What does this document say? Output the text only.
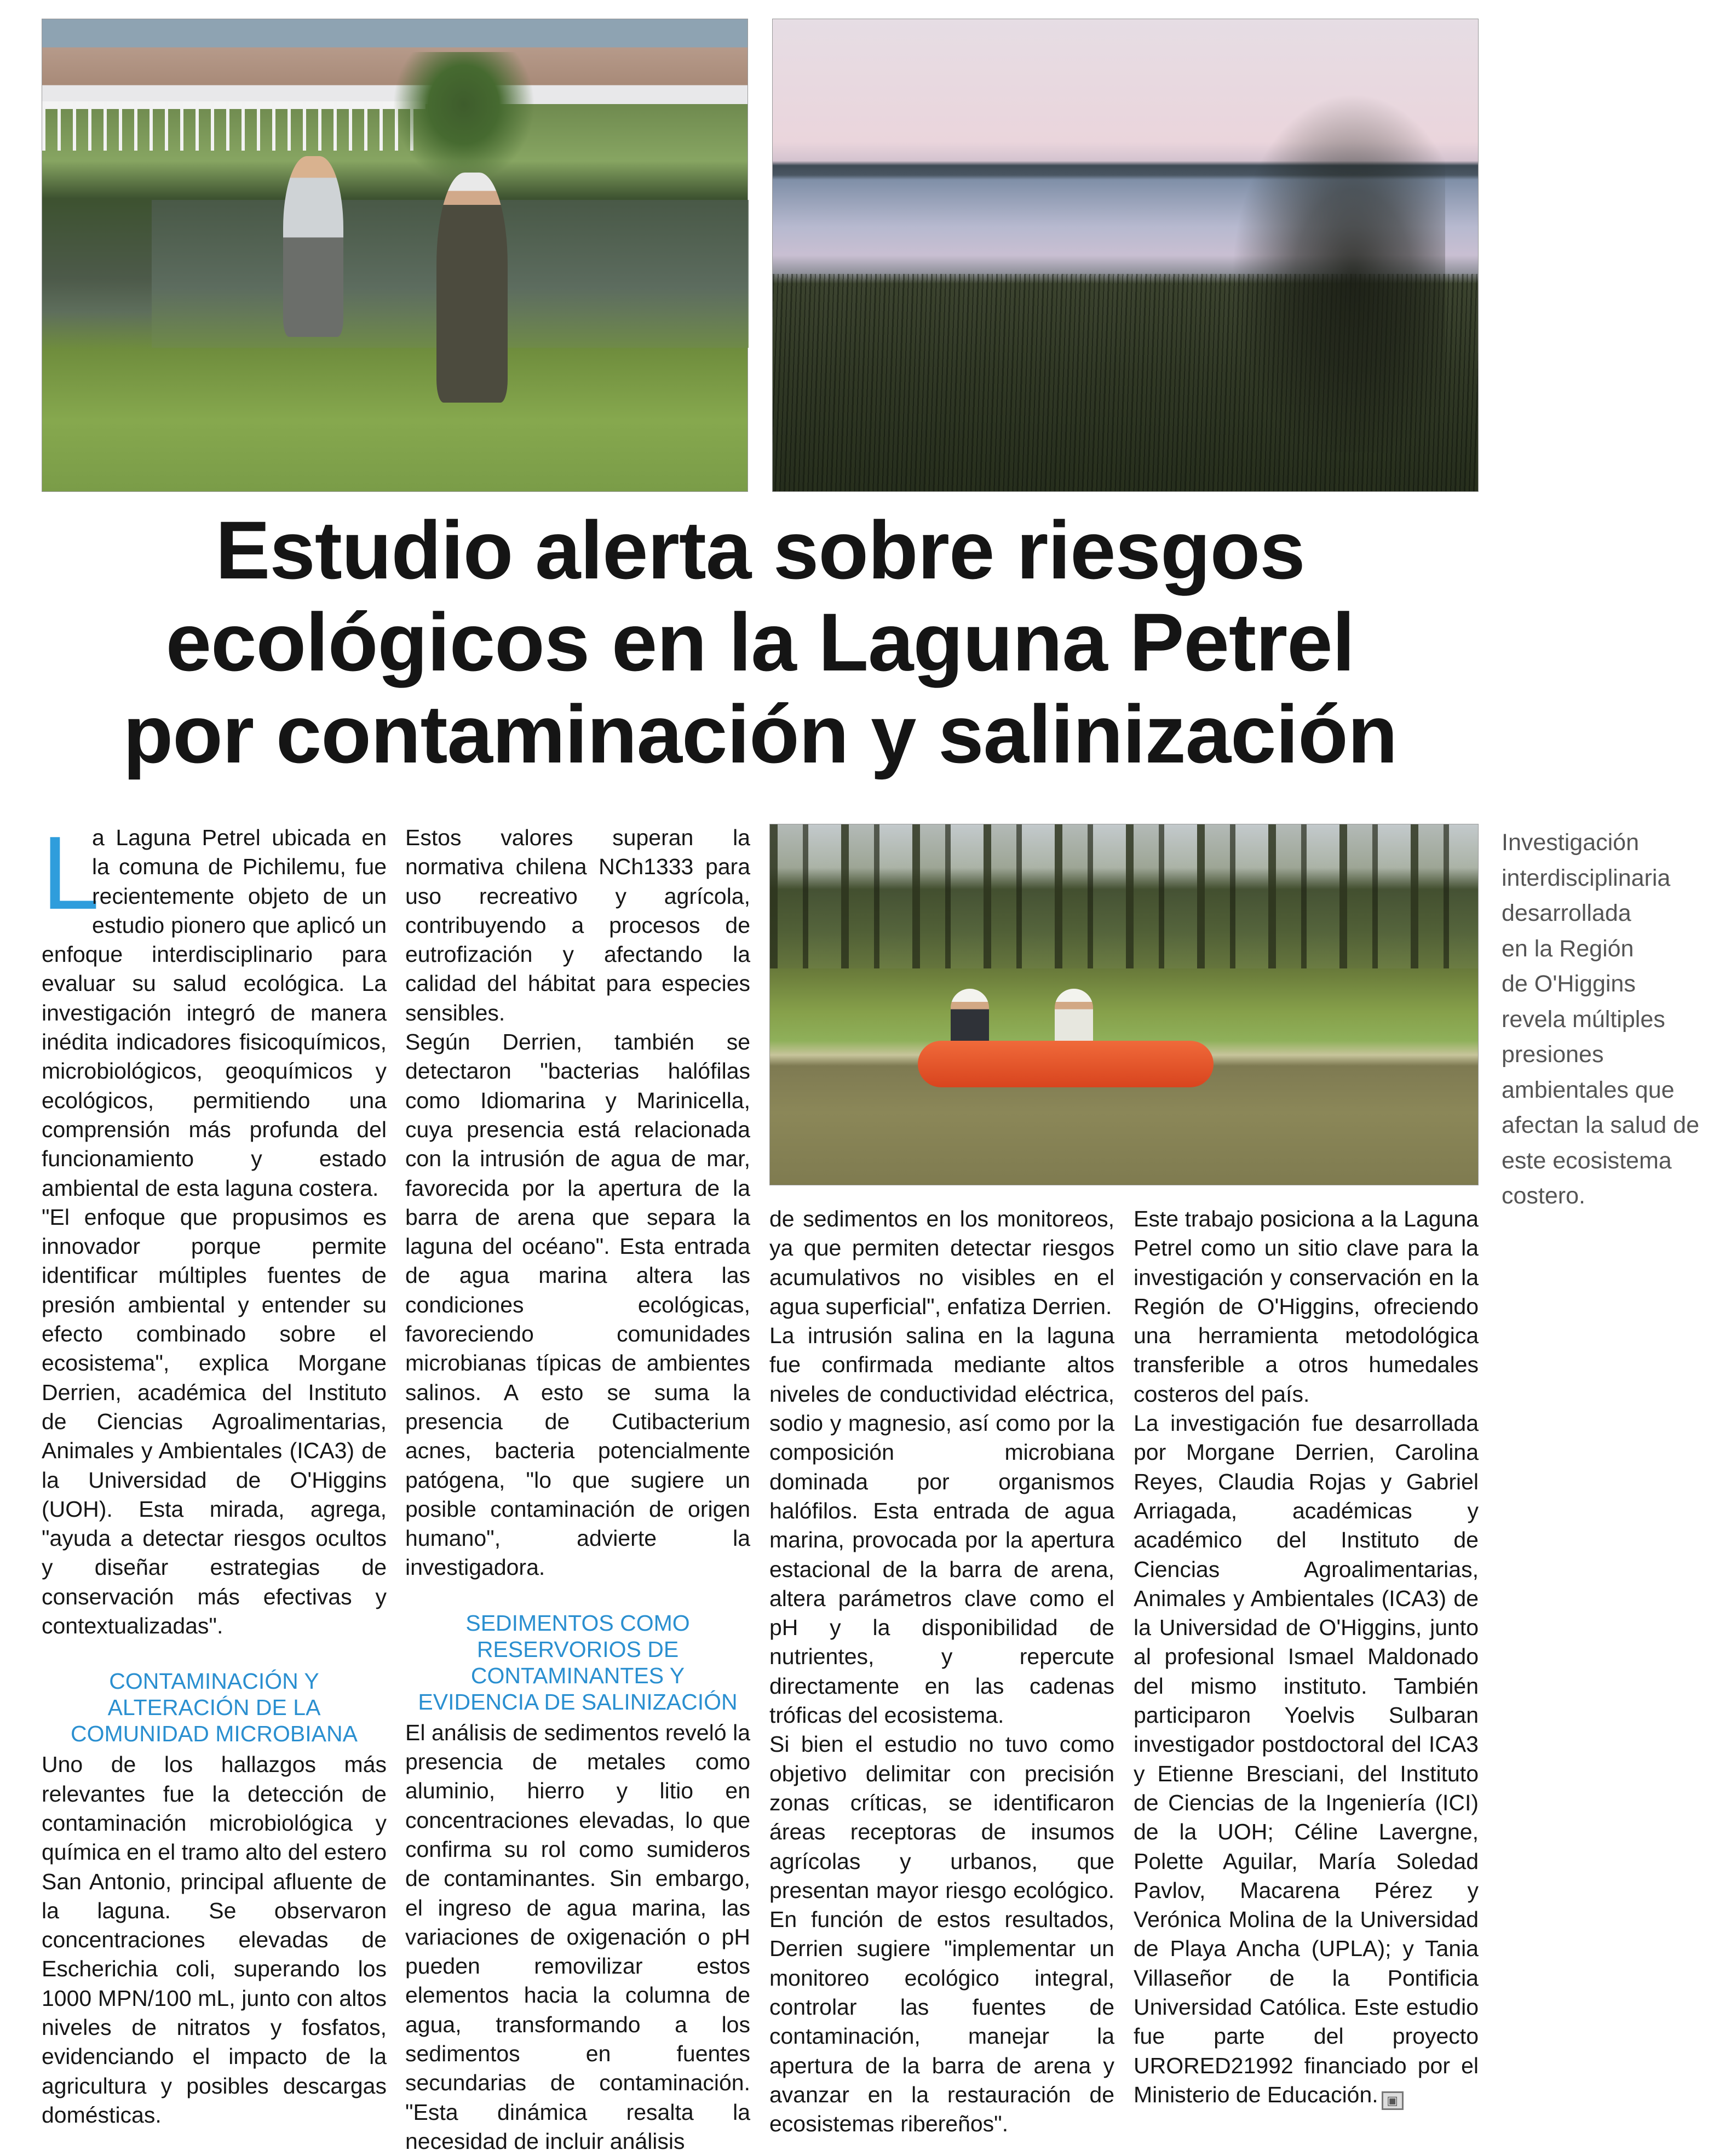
Estudio alerta sobre riesgos
ecológicos en la Laguna Petrel
por contaminación y salinización
L

a Laguna Petrel ubicada en la comuna de Pichilemu, fue recientemente objeto de un estudio pionero que aplicó un enfoque interdisciplinario para evaluar su salud ecológica. La investigación integró de manera inédita indicadores fisicoquímicos, microbiológicos, geoquímicos y ecológicos, permitiendo una comprensión más profunda del funcionamiento y estado ambiental de esta laguna costera.

"El enfoque que propusimos es innovador porque permite identificar múltiples fuentes de presión ambiental y entender su efecto combinado sobre el ecosistema", explica Morgane Derrien, académica del Instituto de Ciencias Agroalimentarias, Animales y Ambientales (ICA3) de la Universidad de O'Higgins (UOH). Esta mirada, agrega, "ayuda a detectar riesgos ocultos y diseñar estrategias de conservación más efectivas y contextualizadas".

CONTAMINACIÓN Y
ALTERACIÓN DE LA
COMUNIDAD MICROBIANA

Uno de los hallazgos más relevantes fue la detección de contaminación microbiológica y química en el tramo alto del estero San Antonio, principal afluente de la laguna. Se observaron concentraciones elevadas de Escherichia coli, superando los 1000 MPN/100 mL, junto con altos niveles de nitratos y fosfatos, evidenciando el impacto de la agricultura y posibles descargas domésticas.

Estos valores superan la normativa chilena NCh1333 para uso recreativo y agrícola, contribuyendo a procesos de eutrofización y afectando la calidad del hábitat para especies sensibles.

Según Derrien, también se detectaron "bacterias halófilas como Idiomarina y Marinicella, cuya presencia está relacionada con la intrusión de agua de mar, favorecida por la apertura de la barra de arena que separa la laguna del océano". Esta entrada de agua marina altera las condiciones ecológicas, favoreciendo comunidades microbianas típicas de ambientes salinos. A esto se suma la presencia de Cutibacterium acnes, bacteria potencialmente patógena, "lo que sugiere un posible contaminación de origen humano", advierte la investigadora.

SEDIMENTOS COMO
RESERVORIOS DE
CONTAMINANTES Y
EVIDENCIA DE SALINIZACIÓN

El análisis de sedimentos reveló la presencia de metales como aluminio, hierro y litio en concentraciones elevadas, lo que confirma su rol como sumideros de contaminantes. Sin embargo, el ingreso de agua marina, las variaciones de oxigenación o pH pueden removilizar estos elementos hacia la columna de agua, transformando a los sedimentos en fuentes secundarias de contaminación. "Esta dinámica resalta la necesidad de incluir análisis

Investigación
interdisciplinaria
desarrollada
en la Región
de O'Higgins
revela múltiples
presiones
ambientales que
afectan la salud de
este ecosistema
costero.

de sedimentos en los monitoreos, ya que permiten detectar riesgos acumulativos no visibles en el agua superficial", enfatiza Derrien.

La intrusión salina en la laguna fue confirmada mediante altos niveles de conductividad eléctrica, sodio y magnesio, así como por la composición microbiana dominada por organismos halófilos. Esta entrada de agua marina, provocada por la apertura estacional de la barra de arena, altera parámetros clave como el pH y la disponibilidad de nutrientes, y repercute directamente en las cadenas tróficas del ecosistema.

Si bien el estudio no tuvo como objetivo delimitar con precisión zonas críticas, se identificaron áreas receptoras de insumos agrícolas y urbanos, que presentan mayor riesgo ecológico. En función de estos resultados, Derrien sugiere "implementar un monitoreo ecológico integral, controlar las fuentes de contaminación, manejar la apertura de la barra de arena y avanzar en la restauración de ecosistemas ribereños".

Este trabajo posiciona a la Laguna Petrel como un sitio clave para la investigación y conservación en la Región de O'Higgins, ofreciendo una herramienta metodológica transferible a otros humedales costeros del país.

La investigación fue desarrollada por Morgane Derrien, Carolina Reyes, Claudia Rojas y Gabriel Arriagada, académicas y académico del Instituto de Ciencias Agroalimentarias, Animales y Ambientales (ICA3) de la Universidad de O'Higgins, junto al profesional Ismael Maldonado del mismo instituto. También participaron Yoelvis Sulbaran investigador postdoctoral del ICA3 y Etienne Bresciani, del Instituto de Ciencias de la Ingeniería (ICI) de la UOH; Céline Lavergne, Polette Aguilar, María Soledad Pavlov, Macarena Pérez y Verónica Molina de la Universidad de Playa Ancha (UPLA); y Tania Villaseñor de la Pontificia Universidad Católica. Este estudio fue parte del proyecto URORED21992 financiado por el Ministerio de Educación. ▣
